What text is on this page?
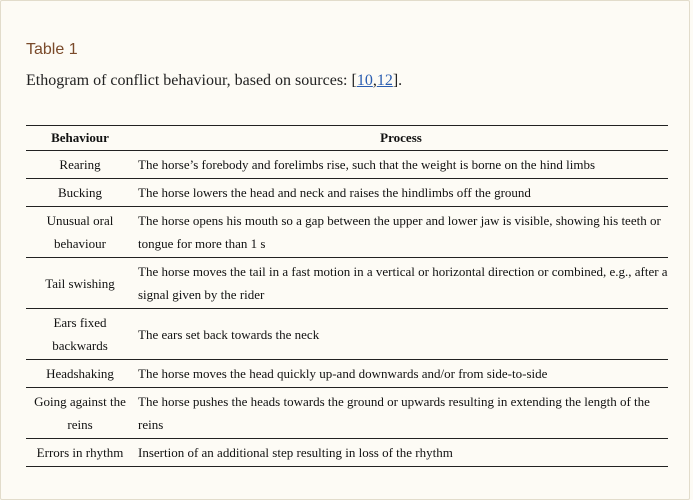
Table 1
Ethogram of conflict behaviour, based on sources: [10,12].
Behaviour	Process
Rearing	The horse’s forebody and forelimbs rise, such that the weight is borne on the hind limbs
Bucking	The horse lowers the head and neck and raises the hindlimbs off the ground
Unusual oral behaviour	The horse opens his mouth so a gap between the upper and lower jaw is visible, showing his teeth or tongue for more than 1 s
Tail swishing	The horse moves the tail in a fast motion in a vertical or horizontal direction or combined, e.g., after a signal given by the rider
Ears fixed backwards	The ears set back towards the neck
Headshaking	The horse moves the head quickly up-and downwards and/or from side-to-side
Going against the reins	The horse pushes the heads towards the ground or upwards resulting in extending the length of the reins
Errors in rhythm	Insertion of an additional step resulting in loss of the rhythm
